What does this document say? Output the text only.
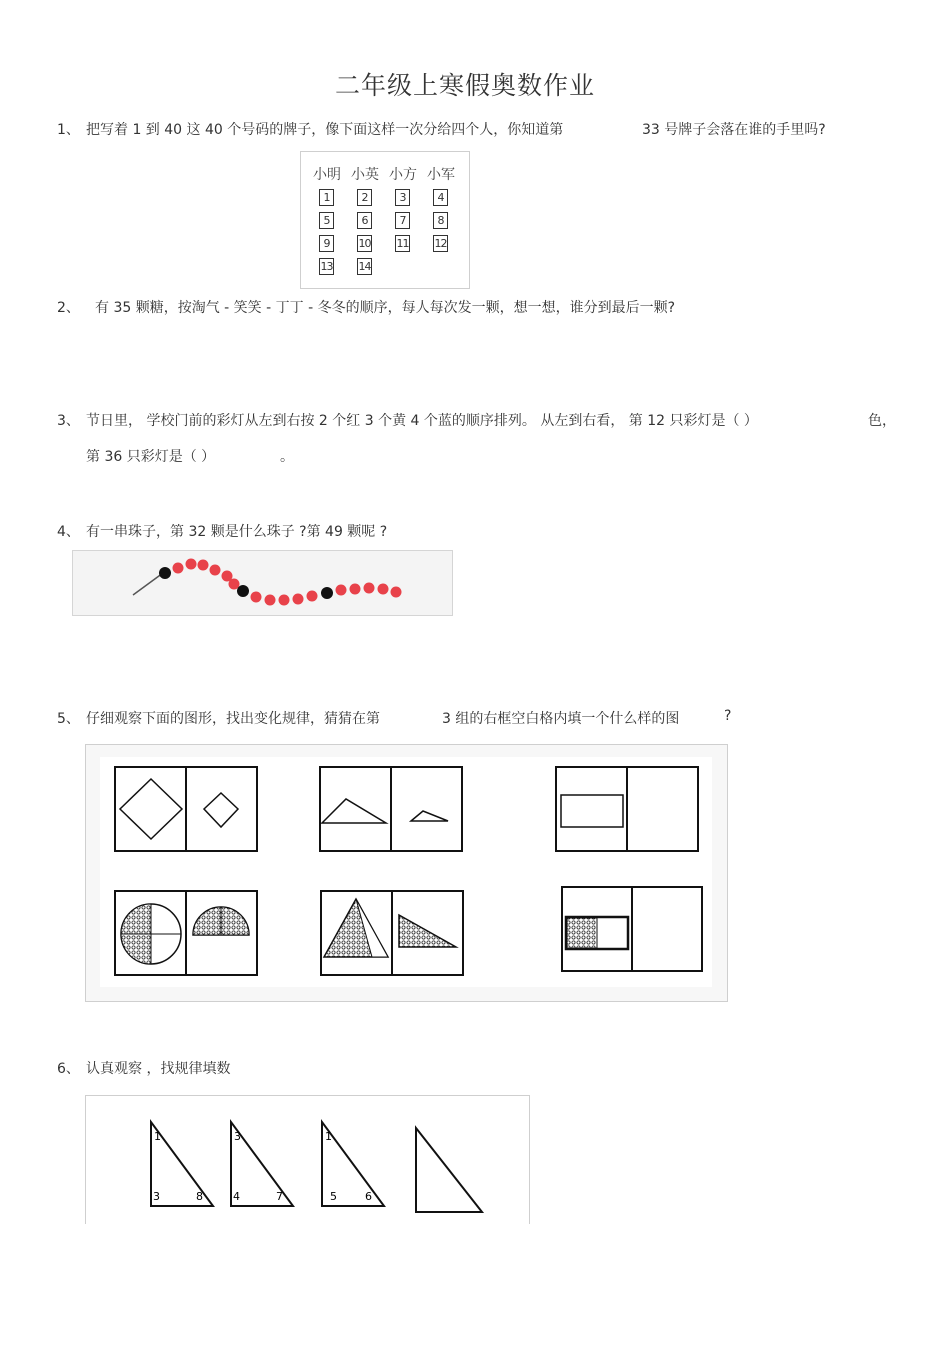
二年级上寒假奥数作业
1、 把写着 1 到 40 这 40 个号码的牌子，像下面这样一次分给四个人，你知道第	33 号牌子会落在谁的手里吗?
小明 小英 小方 小军
1	2	3	4
5	6	7	8
9	10 11 12
13 14
2、 有 35 颗糖，按淘气 - 笑笑 - 丁丁 - 冬冬的顺序，每人每次发一颗，想一想，谁分到最后一颗?
3、 节日里， 学校门前的彩灯从左到右按 2 个红 3 个黄 4 个蓝的顺序排列。 从左到右看， 第 12 只彩灯是（ ）	色，
第 36 只彩灯是（ ）	。
4、 有一串珠子，第 32 颗是什么珠子 ?第 49 颗呢 ?
5、 仔细观察下面的图形，找出变化规律，猜猜在第	3 组的右框空白格内填一个什么样的图	?
6、 认真观察 ，找规律填数
1
3	8
3
4	7
1
5	6
